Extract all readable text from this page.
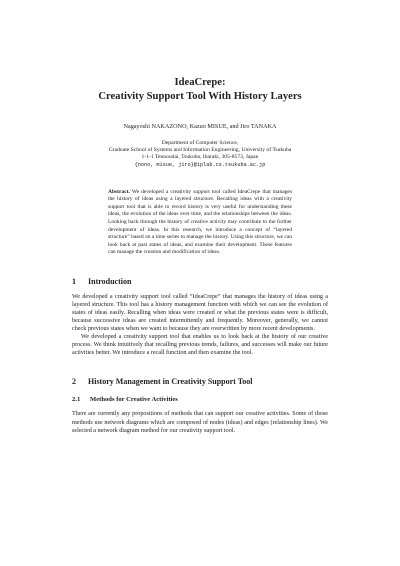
IdeaCrepe:
Creativity Support Tool With History Layers
Nagayoshi NAKAZONO, Kazuo MISUE, and Jiro TANAKA
Department of Computer Science,
Graduate School of Systems and Information Engineering, University of Tsukuba
1-1-1 Tennoudai, Tsukuba, Ibaraki, 305-8573, Japan
{nono, misue, jiro}@iplab.cs.tsukuba.ac.jp
Abstract. We developed a creativity support tool called IdeaCrepe that manages the history of ideas using a layered structure. Recalling ideas with a creativity support tool that is able to record history is very useful for understanding these ideas, the evolution of the ideas over time, and the relationships between the ideas. Looking back through the history of creative activity may contribute to the further development of ideas. In this research, we introduce a concept of “layered structure” based on a time series to manage the history. Using this structure, we can look back at past states of ideas, and examine their development. These features can manage the creation and modification of ideas.
1 Introduction

We developed a creativity support tool called “IdeaCrepe” that manages the history of ideas using a layered structure. This tool has a history management function with which we can see the evolution of states of ideas easily. Recalling when ideas were created or what the previous states were is difficult, because successive ideas are created intermittently and frequently. Moreover, generally, we cannot check previous states when we want to because they are overwritten by more recent developments.

We developed a creativity support tool that enables us to look back at the history of our creative process. We think intuitively that recalling previous trends, failures, and successes will make our future activities better. We introduce a recall function and then examine the tool.

2 History Management in Creativity Support Tool
2.1 Methods for Creative Activities

There are currently any propositions of methods that can support our creative activities. Some of those methods use network diagrams which are composed of nodes (ideas) and edges (relationship lines). We selected a network diagram method for our creativity support tool.
